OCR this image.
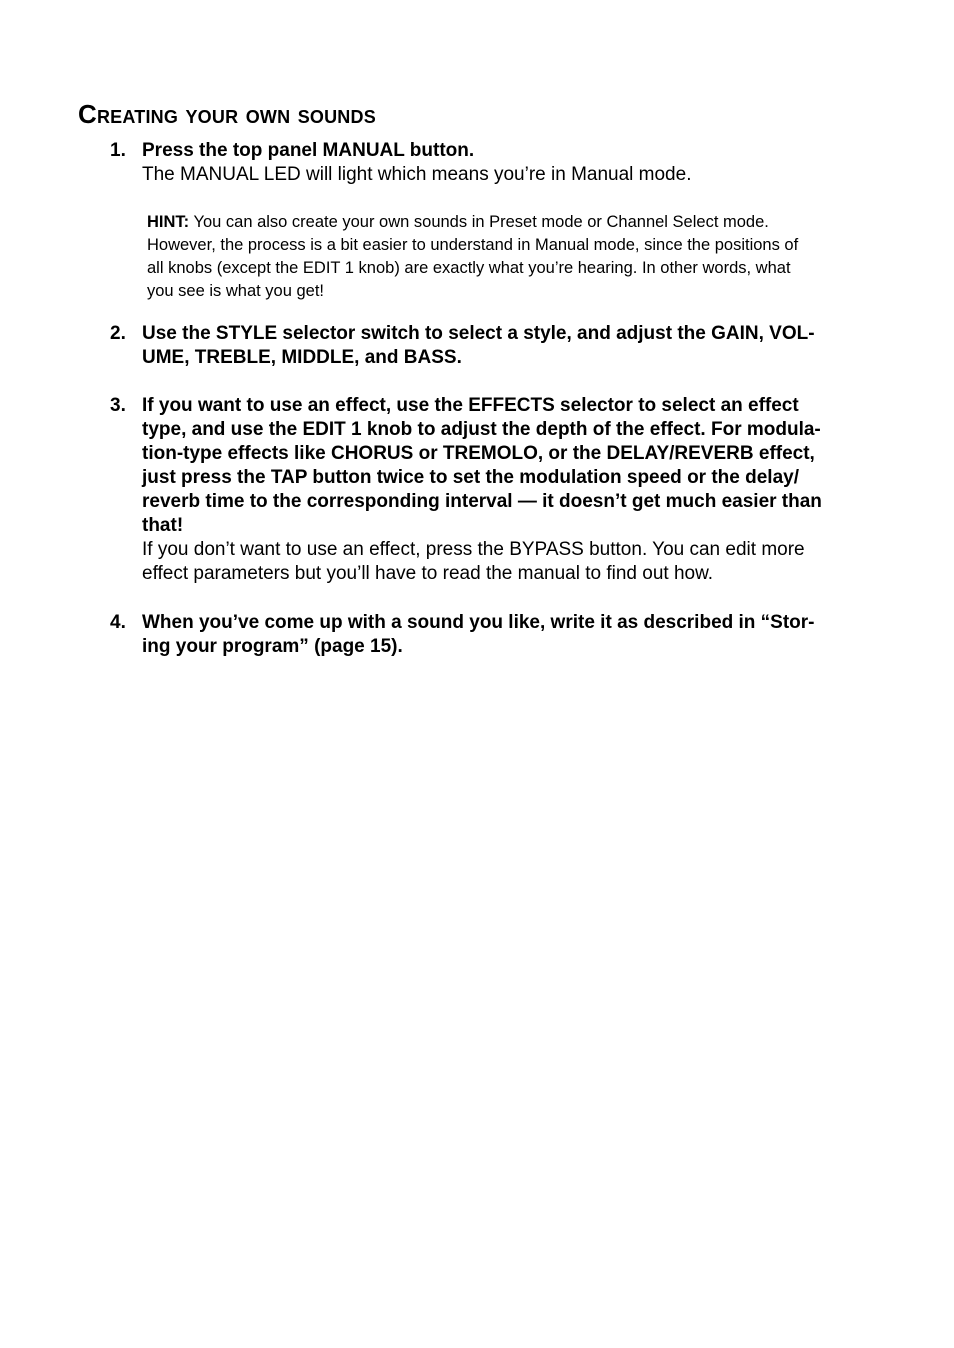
Creating your own sounds
1. Press the top panel MANUAL button.
The MANUAL LED will light which means you’re in Manual mode.
HINT: You can also create your own sounds in Preset mode or Channel Select mode.
However, the process is a bit easier to understand in Manual mode, since the positions of
all knobs (except the EDIT 1 knob) are exactly what you’re hearing. In other words, what
you see is what you get!
2. Use the STYLE selector switch to select a style, and adjust the GAIN, VOL-
UME, TREBLE, MIDDLE, and BASS.
3. If you want to use an effect, use the EFFECTS selector to select an effect
type, and use the EDIT 1 knob to adjust the depth of the effect. For modula-
tion-type effects like CHORUS or TREMOLO, or the DELAY/REVERB effect,
just press the TAP button twice to set the modulation speed or the delay/
reverb time to the corresponding interval — it doesn’t get much easier than
that!
If you don’t want to use an effect, press the BYPASS button. You can edit more
effect parameters but you’ll have to read the manual to find out how.
4. When you’ve come up with a sound you like, write it as described in “Stor-
ing your program” (page 15).
